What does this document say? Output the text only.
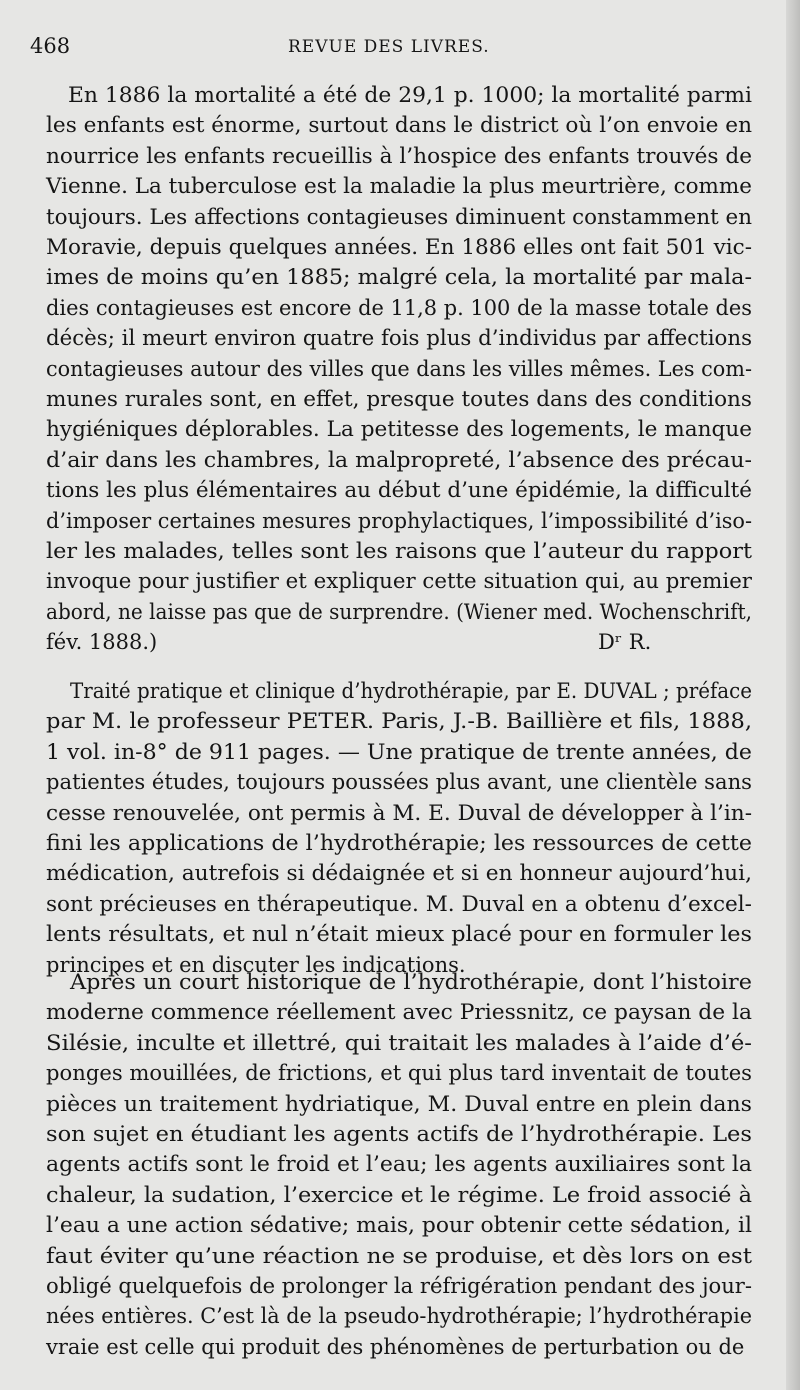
468	REVUE DES LIVRES.
En 1886 la mortalité a été de 29,1 p. 1000; la mortalité parmi
les enfants est énorme, surtout dans le district où l’on envoie en
nourrice les enfants recueillis à l’hospice des enfants trouvés de
Vienne. La tuberculose est la maladie la plus meurtrière, comme
toujours. Les affections contagieuses diminuent constamment en
Moravie, depuis quelques années. En 1886 elles ont fait 501 vic-
imes de moins qu’en 1885; malgré cela, la mortalité par mala-
dies contagieuses est encore de 11,8 p. 100 de la masse totale des
décès; il meurt environ quatre fois plus d’individus par affections
contagieuses autour des villes que dans les villes mêmes. Les com-
munes rurales sont, en effet, presque toutes dans des conditions
hygiéniques déplorables. La petitesse des logements, le manque
d’air dans les chambres, la malpropreté, l’absence des précau-
tions les plus élémentaires au début d’une épidémie, la difficulté
d’imposer certaines mesures prophylactiques, l’impossibilité d’iso-
ler les malades, telles sont les raisons que l’auteur du rapport
invoque pour justifier et expliquer cette situation qui, au premier
abord, ne laisse pas que de surprendre. (Wiener med. Wochenschrift,
fév. 1888.)	Dʳ R.
Traité pratique et clinique d’hydrothérapie, par E. DUVAL ; préface
par M. le professeur PETER. Paris, J.-B. Baillière et fils, 1888,
1 vol. in-8° de 911 pages. — Une pratique de trente années, de
patientes études, toujours poussées plus avant, une clientèle sans
cesse renouvelée, ont permis à M. E. Duval de développer à l’in-
fini les applications de l’hydrothérapie; les ressources de cette
médication, autrefois si dédaignée et si en honneur aujourd’hui,
sont précieuses en thérapeutique. M. Duval en a obtenu d’excel-
lents résultats, et nul n’était mieux placé pour en formuler les
principes et en discuter les indications.
Après un court historique de l’hydrothérapie, dont l’histoire
moderne commence réellement avec Priessnitz, ce paysan de la
Silésie, inculte et illettré, qui traitait les malades à l’aide d’é-
ponges mouillées, de frictions, et qui plus tard inventait de toutes
pièces un traitement hydriatique, M. Duval entre en plein dans
son sujet en étudiant les agents actifs de l’hydrothérapie. Les
agents actifs sont le froid et l’eau; les agents auxiliaires sont la
chaleur, la sudation, l’exercice et le régime. Le froid associé à
l’eau a une action sédative; mais, pour obtenir cette sédation, il
faut éviter qu’une réaction ne se produise, et dès lors on est
obligé quelquefois de prolonger la réfrigération pendant des jour-
nées entières. C’est là de la pseudo-hydrothérapie; l’hydrothérapie
vraie est celle qui produit des phénomènes de perturbation ou de
